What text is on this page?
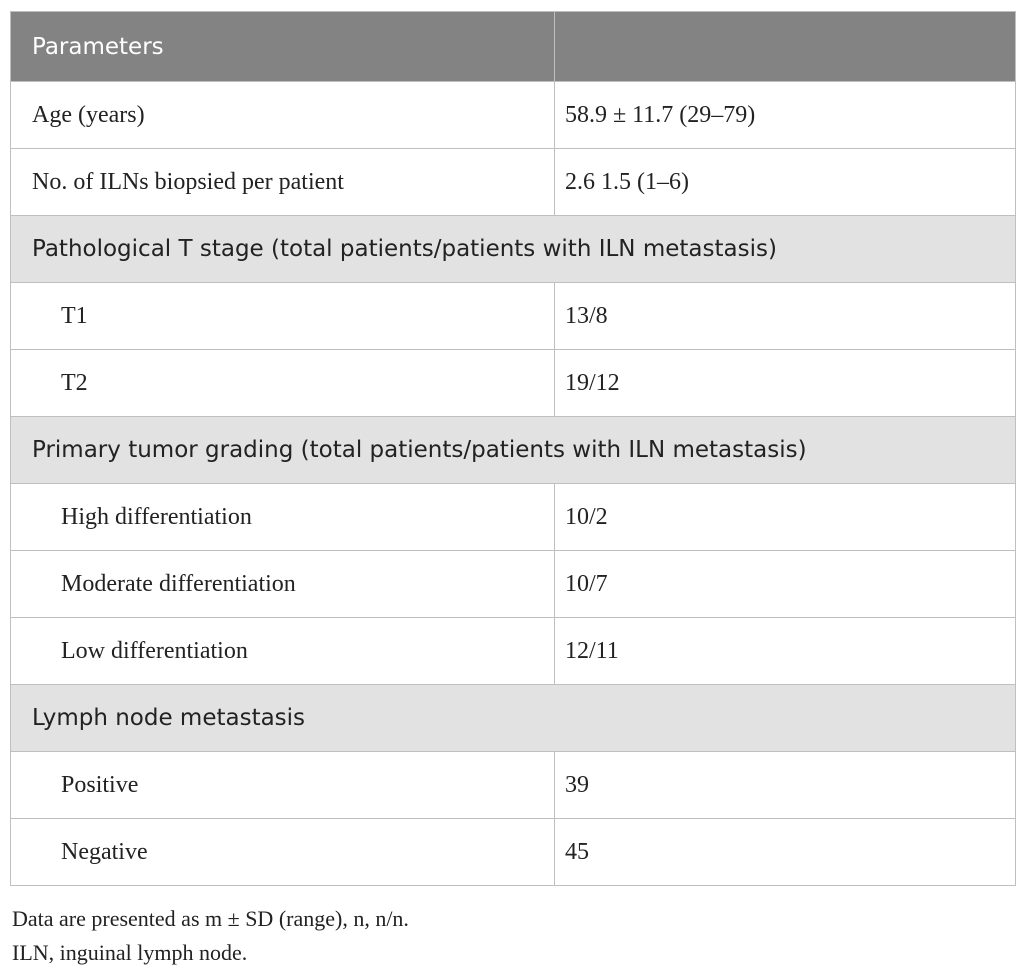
Parameters	
Age (years)	58.9 ± 11.7 (29–79)
No. of ILNs biopsied per patient	2.6 1.5 (1–6)
Pathological T stage (total patients/patients with ILN metastasis)	
T1	13/8
T2	19/12
Primary tumor grading (total patients/patients with ILN metastasis)	
High differentiation	10/2
Moderate differentiation	10/7
Low differentiation	12/11
Lymph node metastasis	
Positive	39
Negative	45
Data are presented as m ± SD (range), n, n/n.
ILN, inguinal lymph node.
